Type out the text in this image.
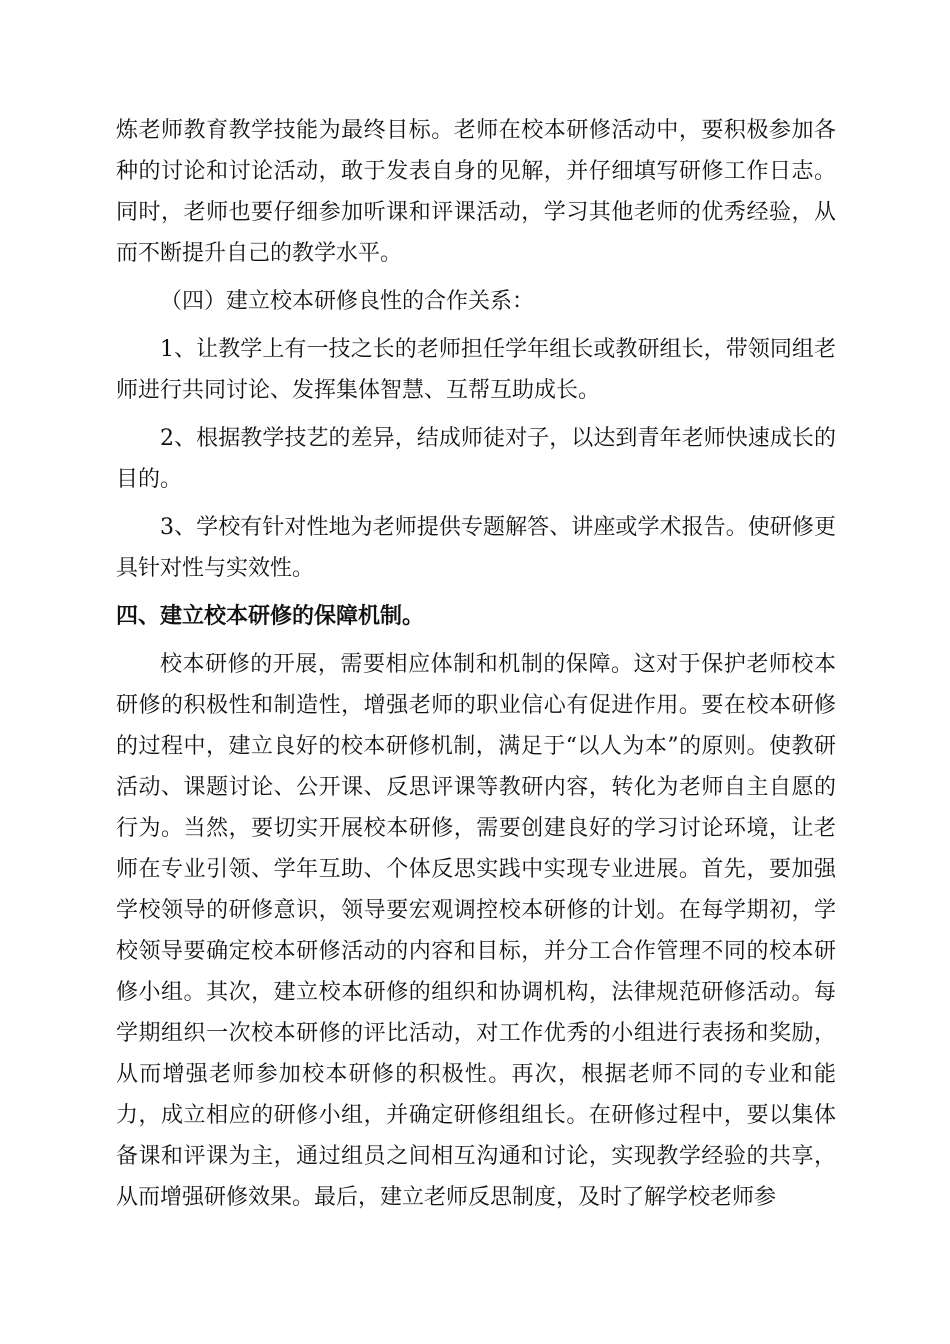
炼老师教育教学技能为最终目标。老师在校本研修活动中，要积极参加各种的讨论和讨论活动，敢于发表自身的见解，并仔细填写研修工作日志。同时，老师也要仔细参加听课和评课活动，学习其他老师的优秀经验，从而不断提升自己的教学水平。

（四）建立校本研修良性的合作关系：

1、让教学上有一技之长的老师担任学年组长或教研组长，带领同组老师进行共同讨论、发挥集体智慧、互帮互助成长。

2、根据教学技艺的差异，结成师徒对子，以达到青年老师快速成长的目的。

3、学校有针对性地为老师提供专题解答、讲座或学术报告。使研修更具针对性与实效性。

四、建立校本研修的保障机制。

校本研修的开展，需要相应体制和机制的保障。这对于保护老师校本研修的积极性和制造性，增强老师的职业信心有促进作用。要在校本研修的过程中，建立良好的校本研修机制，满足于“以人为本”的原则。使教研活动、课题讨论、公开课、反思评课等教研内容，转化为老师自主自愿的行为。当然，要切实开展校本研修，需要创建良好的学习讨论环境，让老师在专业引领、学年互助、个体反思实践中实现专业进展。首先，要加强学校领导的研修意识，领导要宏观调控校本研修的计划。在每学期初，学校领导要确定校本研修活动的内容和目标，并分工合作管理不同的校本研修小组。其次，建立校本研修的组织和协调机构，法律规范研修活动。每学期组织一次校本研修的评比活动，对工作优秀的小组进行表扬和奖励，从而增强老师参加校本研修的积极性。再次，根据老师不同的专业和能力，成立相应的研修小组，并确定研修组组长。在研修过程中，要以集体备课和评课为主，通过组员之间相互沟通和讨论，实现教学经验的共享，从而增强研修效果。最后，建立老师反思制度，及时了解学校老师参
